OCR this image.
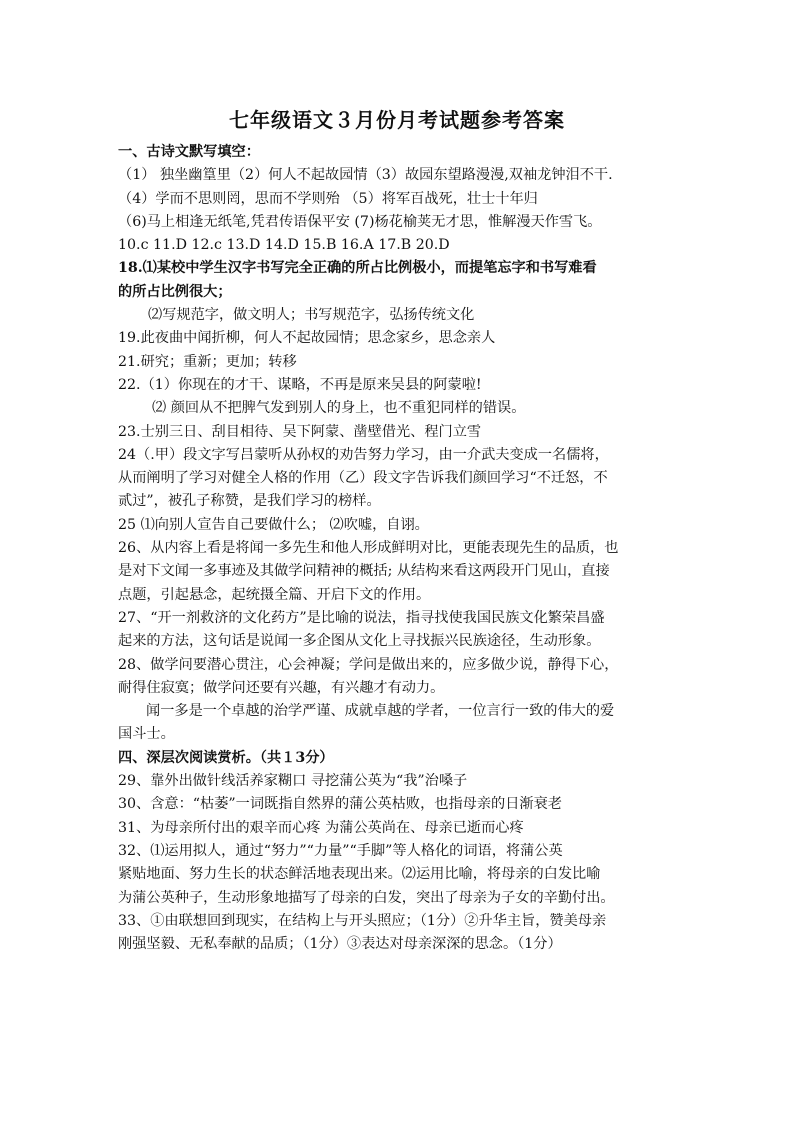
七年级语文３月份月考试题参考答案
一、古诗文默写填空：
（1） 独坐幽篁里（2）何人不起故园情（3）故园东望路漫漫,双袖龙钟泪不干.
（4）学而不思则罔，思而不学则殆 （5）将军百战死，壮士十年归
（6)马上相逢无纸笔,凭君传语保平安 (7)杨花榆荚无才思，惟解漫天作雪飞。
10.c 11.D 12.c 13.D 14.D 15.B 16.A 17.B 20.D
18.⑴某校中学生汉字书写完全正确的所占比例极小，而提笔忘字和书写难看
的所占比例很大；
⑵写规范字，做文明人；书写规范字，弘扬传统文化
19.此夜曲中闻折柳，何人不起故园情；思念家乡，思念亲人
21.研究；重新；更加；转移
22.（1）你现在的才干、谋略，不再是原来吴县的阿蒙啦!
⑵ 颜回从不把脾气发到别人的身上，也不重犯同样的错误。
23.士别三日、刮目相待、吴下阿蒙、凿壁借光、程门立雪
24（.甲）段文字写吕蒙听从孙权的劝告努力学习，由一介武夫变成一名儒将，
从而阐明了学习对健全人格的作用（乙）段文字告诉我们颜回学习“不迁怒，不
贰过”，被孔子称赞，是我们学习的榜样。
25 ⑴向别人宣告自己要做什么； ⑵吹嘘，自诩。
26、从内容上看是将闻一多先生和他人形成鲜明对比，更能表现先生的品质，也
是对下文闻一多事迹及其做学问精神的概括; 从结构来看这两段开门见山，直接
点题，引起悬念，起统摄全篇、开启下文的作用。
27、“开一剂救济的文化药方”是比喻的说法，指寻找使我国民族文化繁荣昌盛
起来的方法，这句话是说闻一多企图从文化上寻找振兴民族途径，生动形象。
28、做学问要潜心贯注，心会神凝；学问是做出来的，应多做少说，静得下心，
耐得住寂寞；做学问还要有兴趣，有兴趣才有动力。
闻一多是一个卓越的治学严谨、成就卓越的学者，一位言行一致的伟大的爱
国斗士。
四、深层次阅读赏析。（共１3分）
29、靠外出做针线活养家糊口 寻挖蒲公英为“我”治嗓子
30、含意：“枯萎”一词既指自然界的蒲公英枯败，也指母亲的日渐衰老
31、为母亲所付出的艰辛而心疼 为蒲公英尚在、母亲已逝而心疼
32、⑴运用拟人，通过“努力”“力量”“手脚”等人格化的词语，将蒲公英
紧贴地面、努力生长的状态鲜活地表现出来。⑵运用比喻，将母亲的白发比喻
为蒲公英种子，生动形象地描写了母亲的白发，突出了母亲为子女的辛勤付出。
33、①由联想回到现实，在结构上与开头照应；（1分）②升华主旨，赞美母亲
刚强坚毅、无私奉献的品质；（1分）③表达对母亲深深的思念。（1分）
